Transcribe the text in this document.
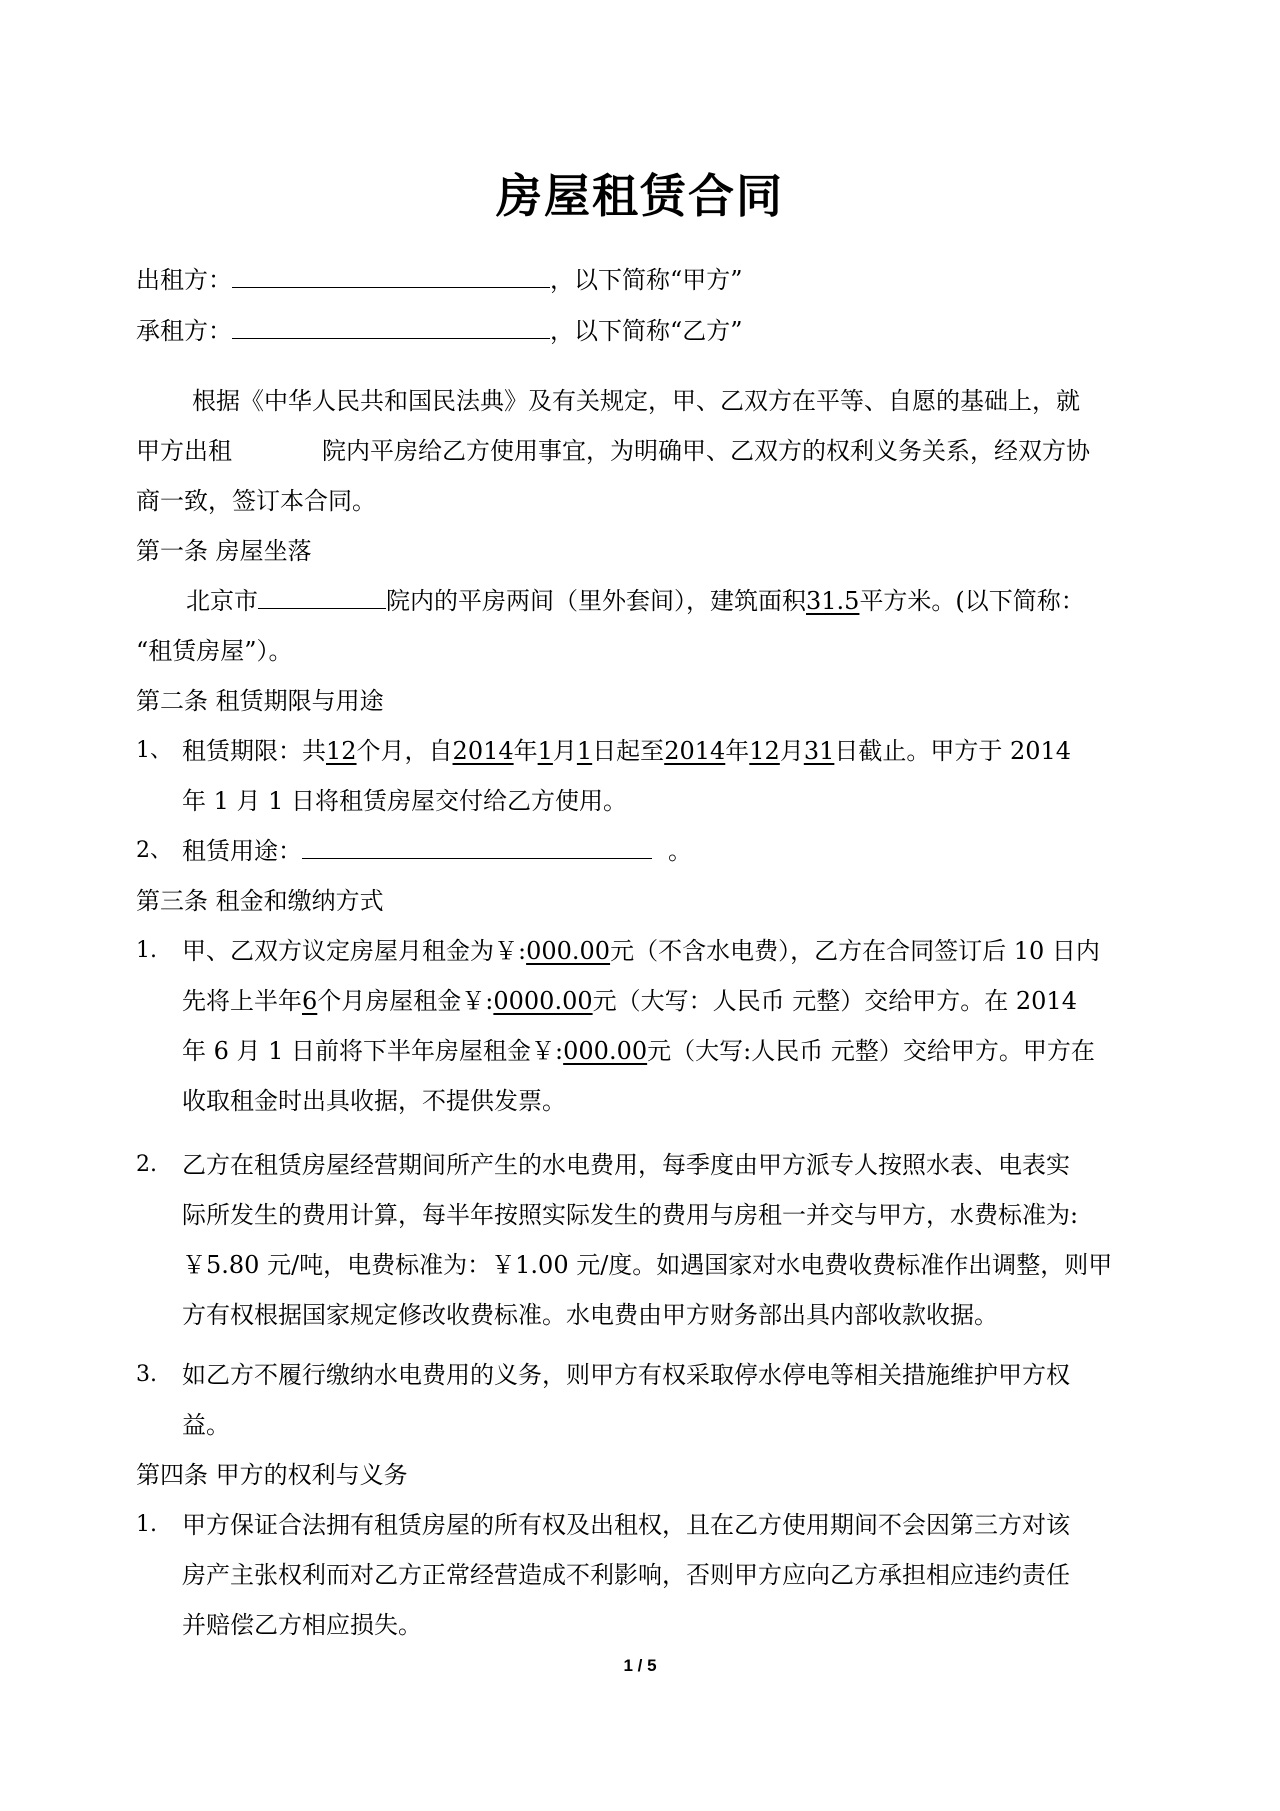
房屋租赁合同
出租方：	，以下简称“甲方”
承租方：	，以下简称“乙方”
根据《中华人民共和国民法典》及有关规定，甲、乙双方在平等、自愿的基础上，就
甲方出租	院内平房给乙方使用事宜，为明确甲、乙双方的权利义务关系，经双方协
商一致，签订本合同。
第一条 房屋坐落
北京市	院内的平房两间（里外套间），建筑面积31.5平方米。(以下简称：
“租赁房屋”）。
第二条 租赁期限与用途
1、 租赁期限：共12个月，自2014年1月1日起至2014年12月31日截止。甲方于 2014
年 1 月 1 日将租赁房屋交付给乙方使用。
2、 租赁用途：	。
第三条 租金和缴纳方式
1. 甲、乙双方议定房屋月租金为￥:000.00元（不含水电费），乙方在合同签订后 10 日内
先将上半年6个月房屋租金￥:0000.00元（大写：人民币 元整）交给甲方。在 2014
年 6 月 1 日前将下半年房屋租金￥:000.00元（大写:人民币 元整）交给甲方。甲方在
收取租金时出具收据，不提供发票。
2. 乙方在租赁房屋经营期间所产生的水电费用，每季度由甲方派专人按照水表、电表实
际所发生的费用计算，每半年按照实际发生的费用与房租一并交与甲方，水费标准为:
￥5.80 元/吨，电费标准为：￥1.00 元/度。如遇国家对水电费收费标准作出调整，则甲
方有权根据国家规定修改收费标准。水电费由甲方财务部出具内部收款收据。
3. 如乙方不履行缴纳水电费用的义务，则甲方有权采取停水停电等相关措施维护甲方权
益。
第四条 甲方的权利与义务
1. 甲方保证合法拥有租赁房屋的所有权及出租权，且在乙方使用期间不会因第三方对该
房产主张权利而对乙方正常经营造成不利影响，否则甲方应向乙方承担相应违约责任
并赔偿乙方相应损失。
1 / 5
